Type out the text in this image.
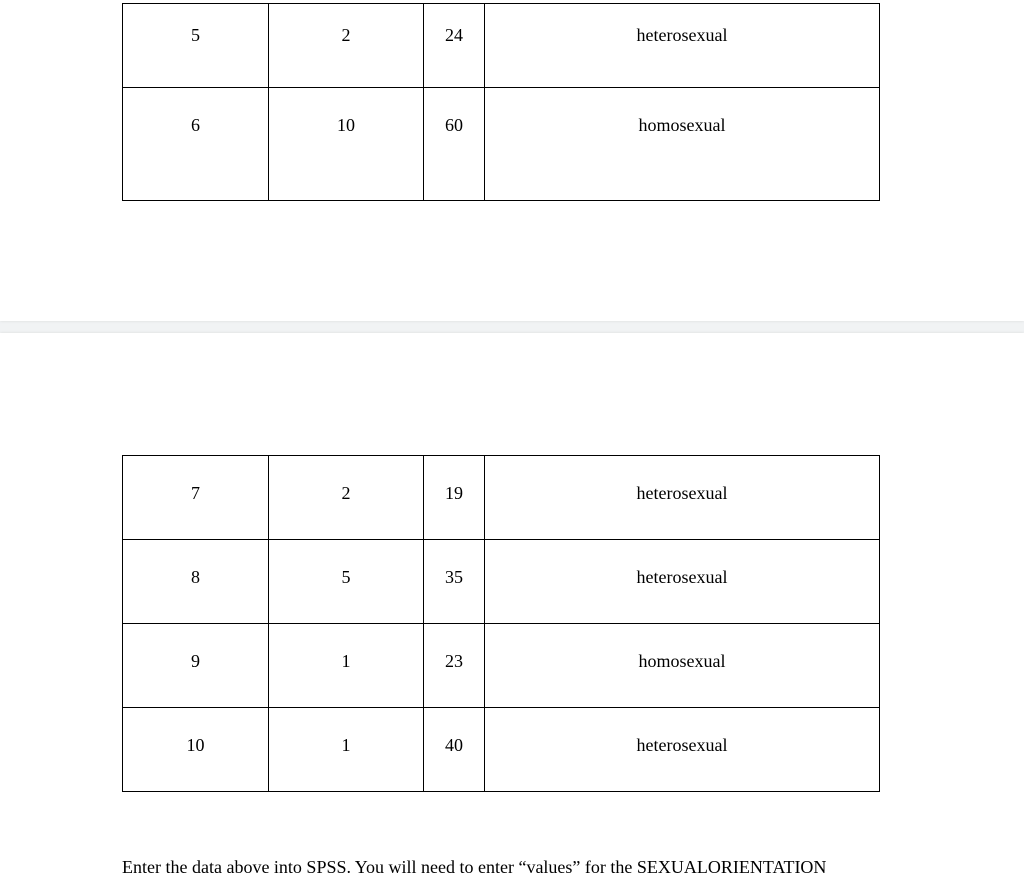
5	2	24	heterosexual
6	10	60	homosexual
7	2	19	heterosexual
8	5	35	heterosexual
9	1	23	homosexual
10	1	40	heterosexual

Enter the data above into SPSS. You will need to enter “values” for the SEXUALORIENTATION
